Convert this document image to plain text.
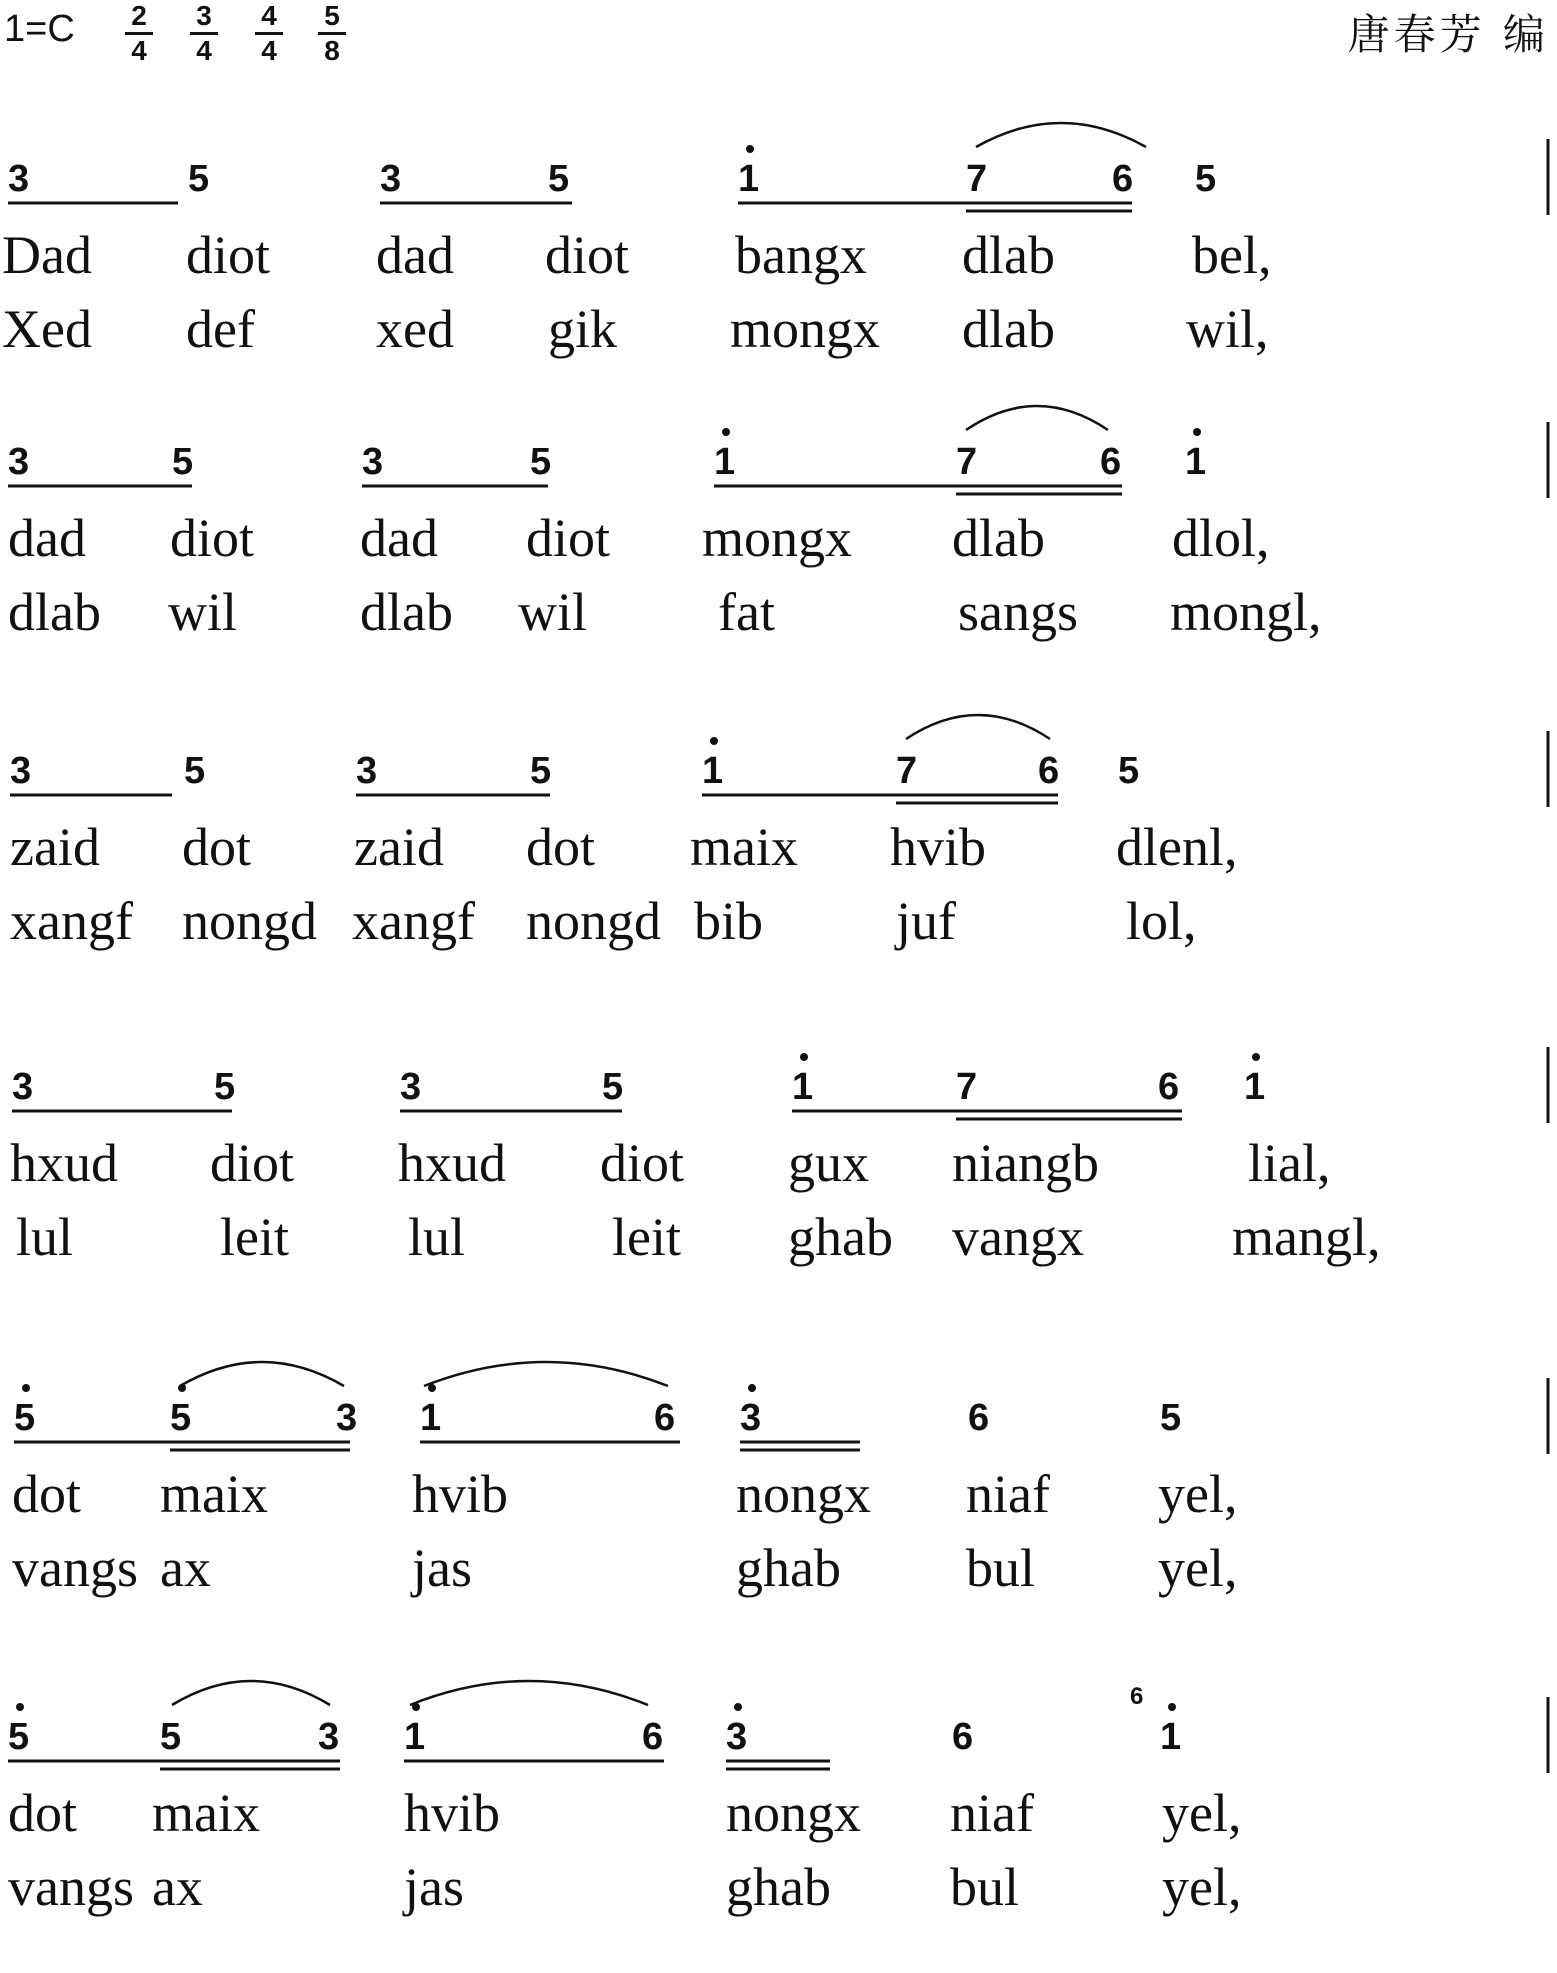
1=C	2
4
3
4
4
4
5
8	唐春芳 编
3	5	3	5	1	7	6 5
Dad diot dad diot bangx dlab	bel,
Xed def xed gik mongx dlab wil,
3	5	3	5	1	7	6 1
dad diot dad diot mongx dlab dlol,
dlab wil dlab wil fat	sangs mongl,
3	5	3	5	1	7	6 5
zaid dot zaid dot maix hvib dlenl,
xangf nongd xangf nongd bib juf	lol,
3	5	3	5	1	7	6 1
hxud diot hxud diot gux niangb	lial,
lul	leit lul	leit ghab vangx	mangl,
5	5	3 1	6 3	6	5
dot maix	hvib	nongx niaf yel,
vangs ax	jas	ghab bul yel,
5	5	3 1	6 3	6	1
6
dot maix	hvib	nongx niaf yel,
vangs ax	jas	ghab bul	yel,
